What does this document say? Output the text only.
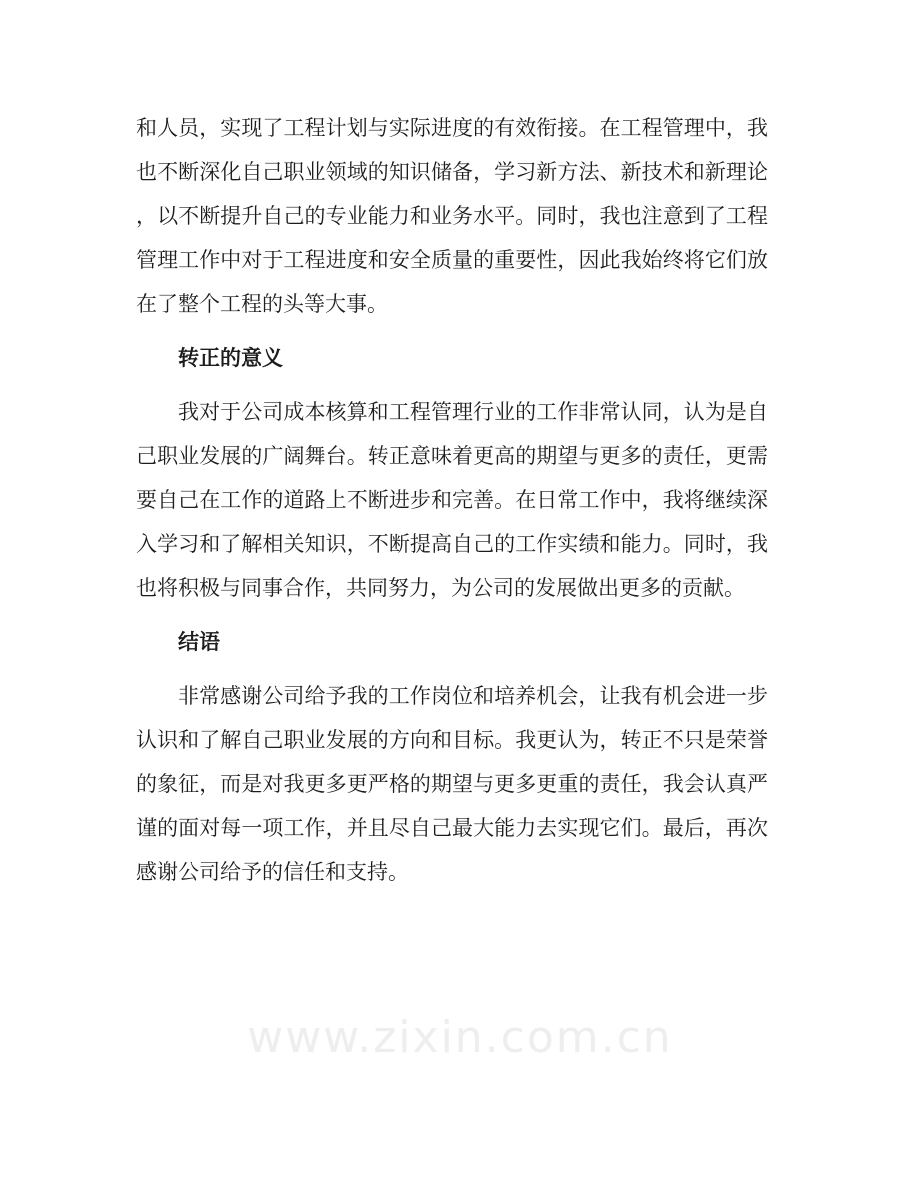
和人员，实现了工程计划与实际进度的有效衔接。在工程管理中，我
也不断深化自己职业领域的知识储备，学习新方法、新技术和新理论
，以不断提升自己的专业能力和业务水平。同时，我也注意到了工程
管理工作中对于工程进度和安全质量的重要性，因此我始终将它们放
在了整个工程的头等大事。
转正的意义
我对于公司成本核算和工程管理行业的工作非常认同，认为是自
己职业发展的广阔舞台。转正意味着更高的期望与更多的责任，更需
要自己在工作的道路上不断进步和完善。在日常工作中，我将继续深
入学习和了解相关知识，不断提高自己的工作实绩和能力。同时，我
也将积极与同事合作，共同努力，为公司的发展做出更多的贡献。
结语
非常感谢公司给予我的工作岗位和培养机会，让我有机会进一步
认识和了解自己职业发展的方向和目标。我更认为，转正不只是荣誉
的象征，而是对我更多更严格的期望与更多更重的责任，我会认真严
谨的面对每一项工作，并且尽自己最大能力去实现它们。最后，再次
感谢公司给予的信任和支持。
www.zixin.com.cn
